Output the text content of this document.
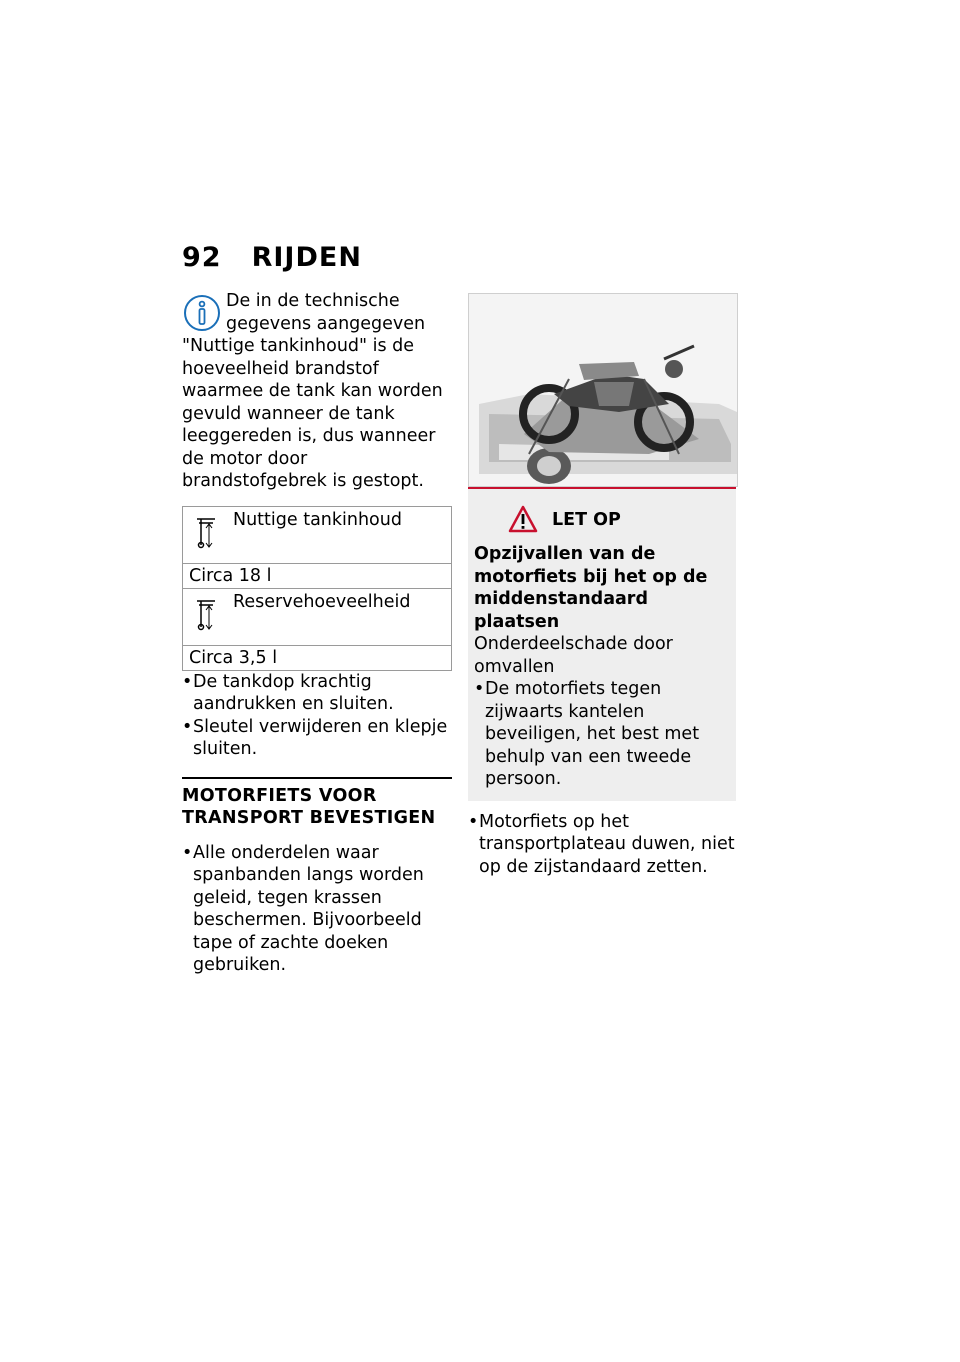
92 RIJDEN

De in de technische
gegevens aangegeven
"Nuttige tankinhoud" is de hoeveelheid brandstof waarmee de tank kan worden gevuld wanneer de tank leeggereden is, dus wanneer de motor door brandstofgebrek is gestopt.

Nuttige tankinhoud
Circa 18 l
Reservehoeveelheid
Circa 3,5 l
• De tankdop krachtig aandrukken en sluiten.
• Sleutel verwijderen en klepje sluiten.
MOTORFIETS VOOR TRANSPORT BEVESTIGEN
• Alle onderdelen waar spanbanden langs worden geleid, tegen krassen beschermen. Bijvoorbeeld tape of zachte doeken gebruiken.
LET OP
Opzijvallen van de motorfiets bij het op de middenstandaard plaatsen
Onderdeelschade door omvallen
• De motorfiets tegen zijwaarts kantelen beveiligen, het best met behulp van een tweede persoon.
• Motorfiets op het transportplateau duwen, niet op de zijstandaard zetten.
